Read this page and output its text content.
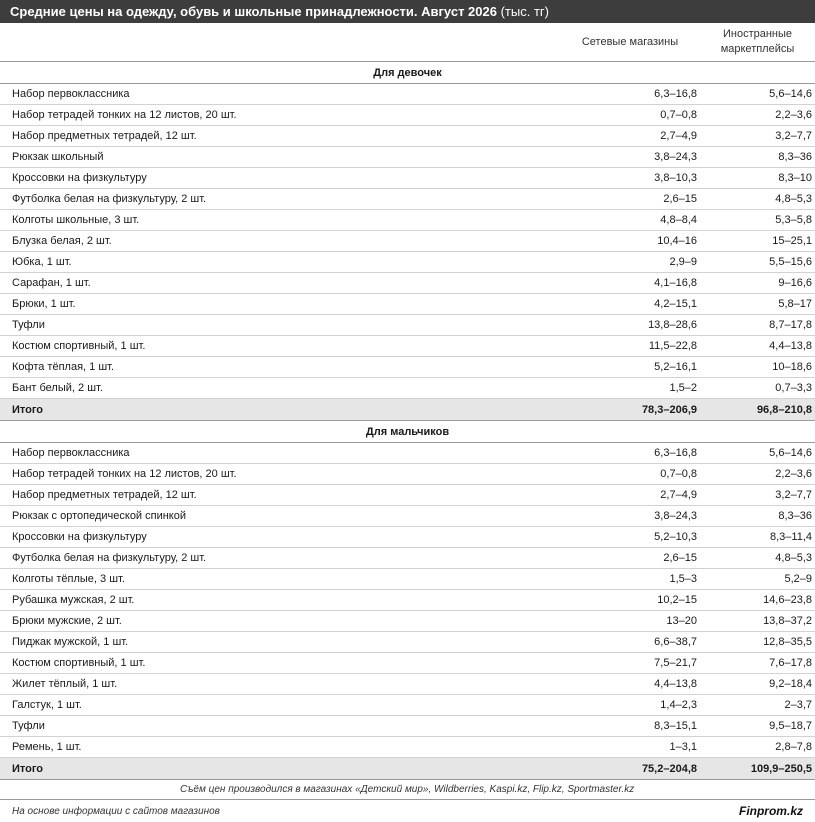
Средние цены на одежду, обувь и школьные принадлежности. Август 2026 (тыс. тг)
	Сетевые магазины	Иностранные маркетплейсы
Для девочек		
Набор первоклассника	6,3–16,8	5,6–14,6
Набор тетрадей тонких на 12 листов, 20 шт.	0,7–0,8	2,2–3,6
Набор предметных тетрадей, 12 шт.	2,7–4,9	3,2–7,7
Рюкзак школьный	3,8–24,3	8,3–36
Кроссовки на физкультуру	3,8–10,3	8,3–10
Футболка белая на физкультуру, 2 шт.	2,6–15	4,8–5,3
Колготы школьные, 3 шт.	4,8–8,4	5,3–5,8
Блузка белая, 2 шт.	10,4–16	15–25,1
Юбка, 1 шт.	2,9–9	5,5–15,6
Сарафан, 1 шт.	4,1–16,8	9–16,6
Брюки, 1 шт.	4,2–15,1	5,8–17
Туфли	13,8–28,6	8,7–17,8
Костюм спортивный, 1 шт.	11,5–22,8	4,4–13,8
Кофта тёплая, 1 шт.	5,2–16,1	10–18,6
Бант белый, 2 шт.	1,5–2	0,7–3,3
Итого	78,3–206,9	96,8–210,8
Для мальчиков		
Набор первоклассника	6,3–16,8	5,6–14,6
Набор тетрадей тонких на 12 листов, 20 шт.	0,7–0,8	2,2–3,6
Набор предметных тетрадей, 12 шт.	2,7–4,9	3,2–7,7
Рюкзак с ортопедической спинкой	3,8–24,3	8,3–36
Кроссовки на физкультуру	5,2–10,3	8,3–11,4
Футболка белая на физкультуру, 2 шт.	2,6–15	4,8–5,3
Колготы тёплые, 3 шт.	1,5–3	5,2–9
Рубашка мужская, 2 шт.	10,2–15	14,6–23,8
Брюки мужские, 2 шт.	13–20	13,8–37,2
Пиджак мужской, 1 шт.	6,6–38,7	12,8–35,5
Костюм спортивный, 1 шт.	7,5–21,7	7,6–17,8
Жилет тёплый, 1 шт.	4,4–13,8	9,2–18,4
Галстук, 1 шт.	1,4–2,3	2–3,7
Туфли	8,3–15,1	9,5–18,7
Ремень, 1 шт.	1–3,1	2,8–7,8
Итого	75,2–204,8	109,9–250,5
Съём цен производился в магазинах «Детский мир», Wildberries, Kaspi.kz, Flip.kz, Sportmaster.kz
На основе информации с сайтов магазинов	Finprom.kz
